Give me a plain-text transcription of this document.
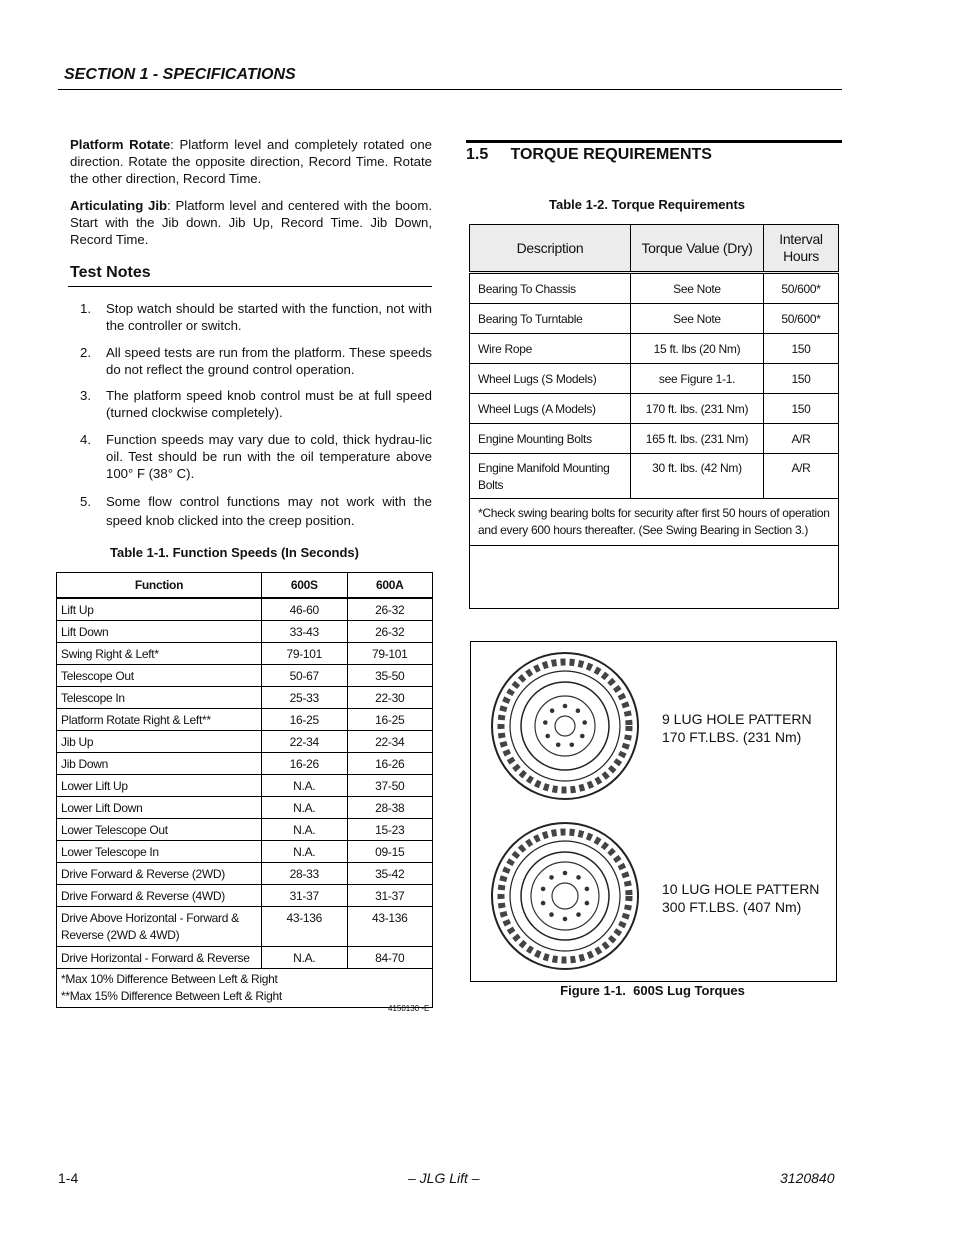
SECTION 1 - SPECIFICATIONS
Platform Rotate: Platform level and completely rotated one direction. Rotate the opposite direction, Record Time. Rotate the other direction, Record Time.
Articulating Jib: Platform level and centered with the boom. Start with the Jib down. Jib Up, Record Time. Jib Down, Record Time.
Test Notes
1. Stop watch should be started with the function, not with the controller or switch.
2. All speed tests are run from the platform. These speeds do not reflect the ground control operation.
3. The platform speed knob control must be at full speed (turned clockwise completely).
4. Function speeds may vary due to cold, thick hydrau-lic oil. Test should be run with the oil temperature above 100° F (38° C).
5. Some flow control functions may not work with the speed knob clicked into the creep position.
Table 1-1. Function Speeds (In Seconds)
Function	600S	600A
Lift Up	46-60	26-32
Lift Down	33-43	26-32
Swing Right & Left*	79-101	79-101
Telescope Out	50-67	35-50
Telescope In	25-33	22-30
Platform Rotate Right & Left**	16-25	16-25
Jib Up	22-34	22-34
Jib Down	16-26	16-26
Lower Lift Up	N.A.	37-50
Lower Lift Down	N.A.	28-38
Lower Telescope Out	N.A.	15-23
Lower Telescope In	N.A.	09-15
Drive Forward & Reverse (2WD)	28-33	35-42
Drive Forward & Reverse (4WD)	31-37	31-37
Drive Above Horizontal - Forward & Reverse (2WD & 4WD)	43-136	43-136
Drive Horizontal - Forward & Reverse	N.A.	84-70

*Max 10% Difference Between Left & Right
**Max 15% Difference Between Left & Right		
4150130 -E
1.5     TORQUE REQUIREMENTS
Table 1-2. Torque Requirements
Description	Torque Value (Dry)	Interval Hours
Bearing To Chassis	See Note	50/600*
Bearing To Turntable	See Note	50/600*
Wire Rope	15 ft. lbs (20 Nm)	150
Wheel Lugs (S Models)	see Figure 1-1.	150
Wheel Lugs (A Models)	170 ft. lbs. (231 Nm)	150
Engine Mounting Bolts	165 ft. lbs. (231 Nm)	A/R
Engine Manifold Mounting Bolts	30 ft. lbs. (42 Nm)	A/R
*Check swing bearing bolts for security after first 50 hours of operation and every 600 hours thereafter. (See Swing Bearing in Section 3.)		

9 LUG HOLE PATTERN
170 FT.LBS. (231 Nm)
10 LUG HOLE PATTERN
300 FT.LBS. (407 Nm)
Figure 1-1.  600S Lug Torques
1-4	– JLG Lift –	3120840
